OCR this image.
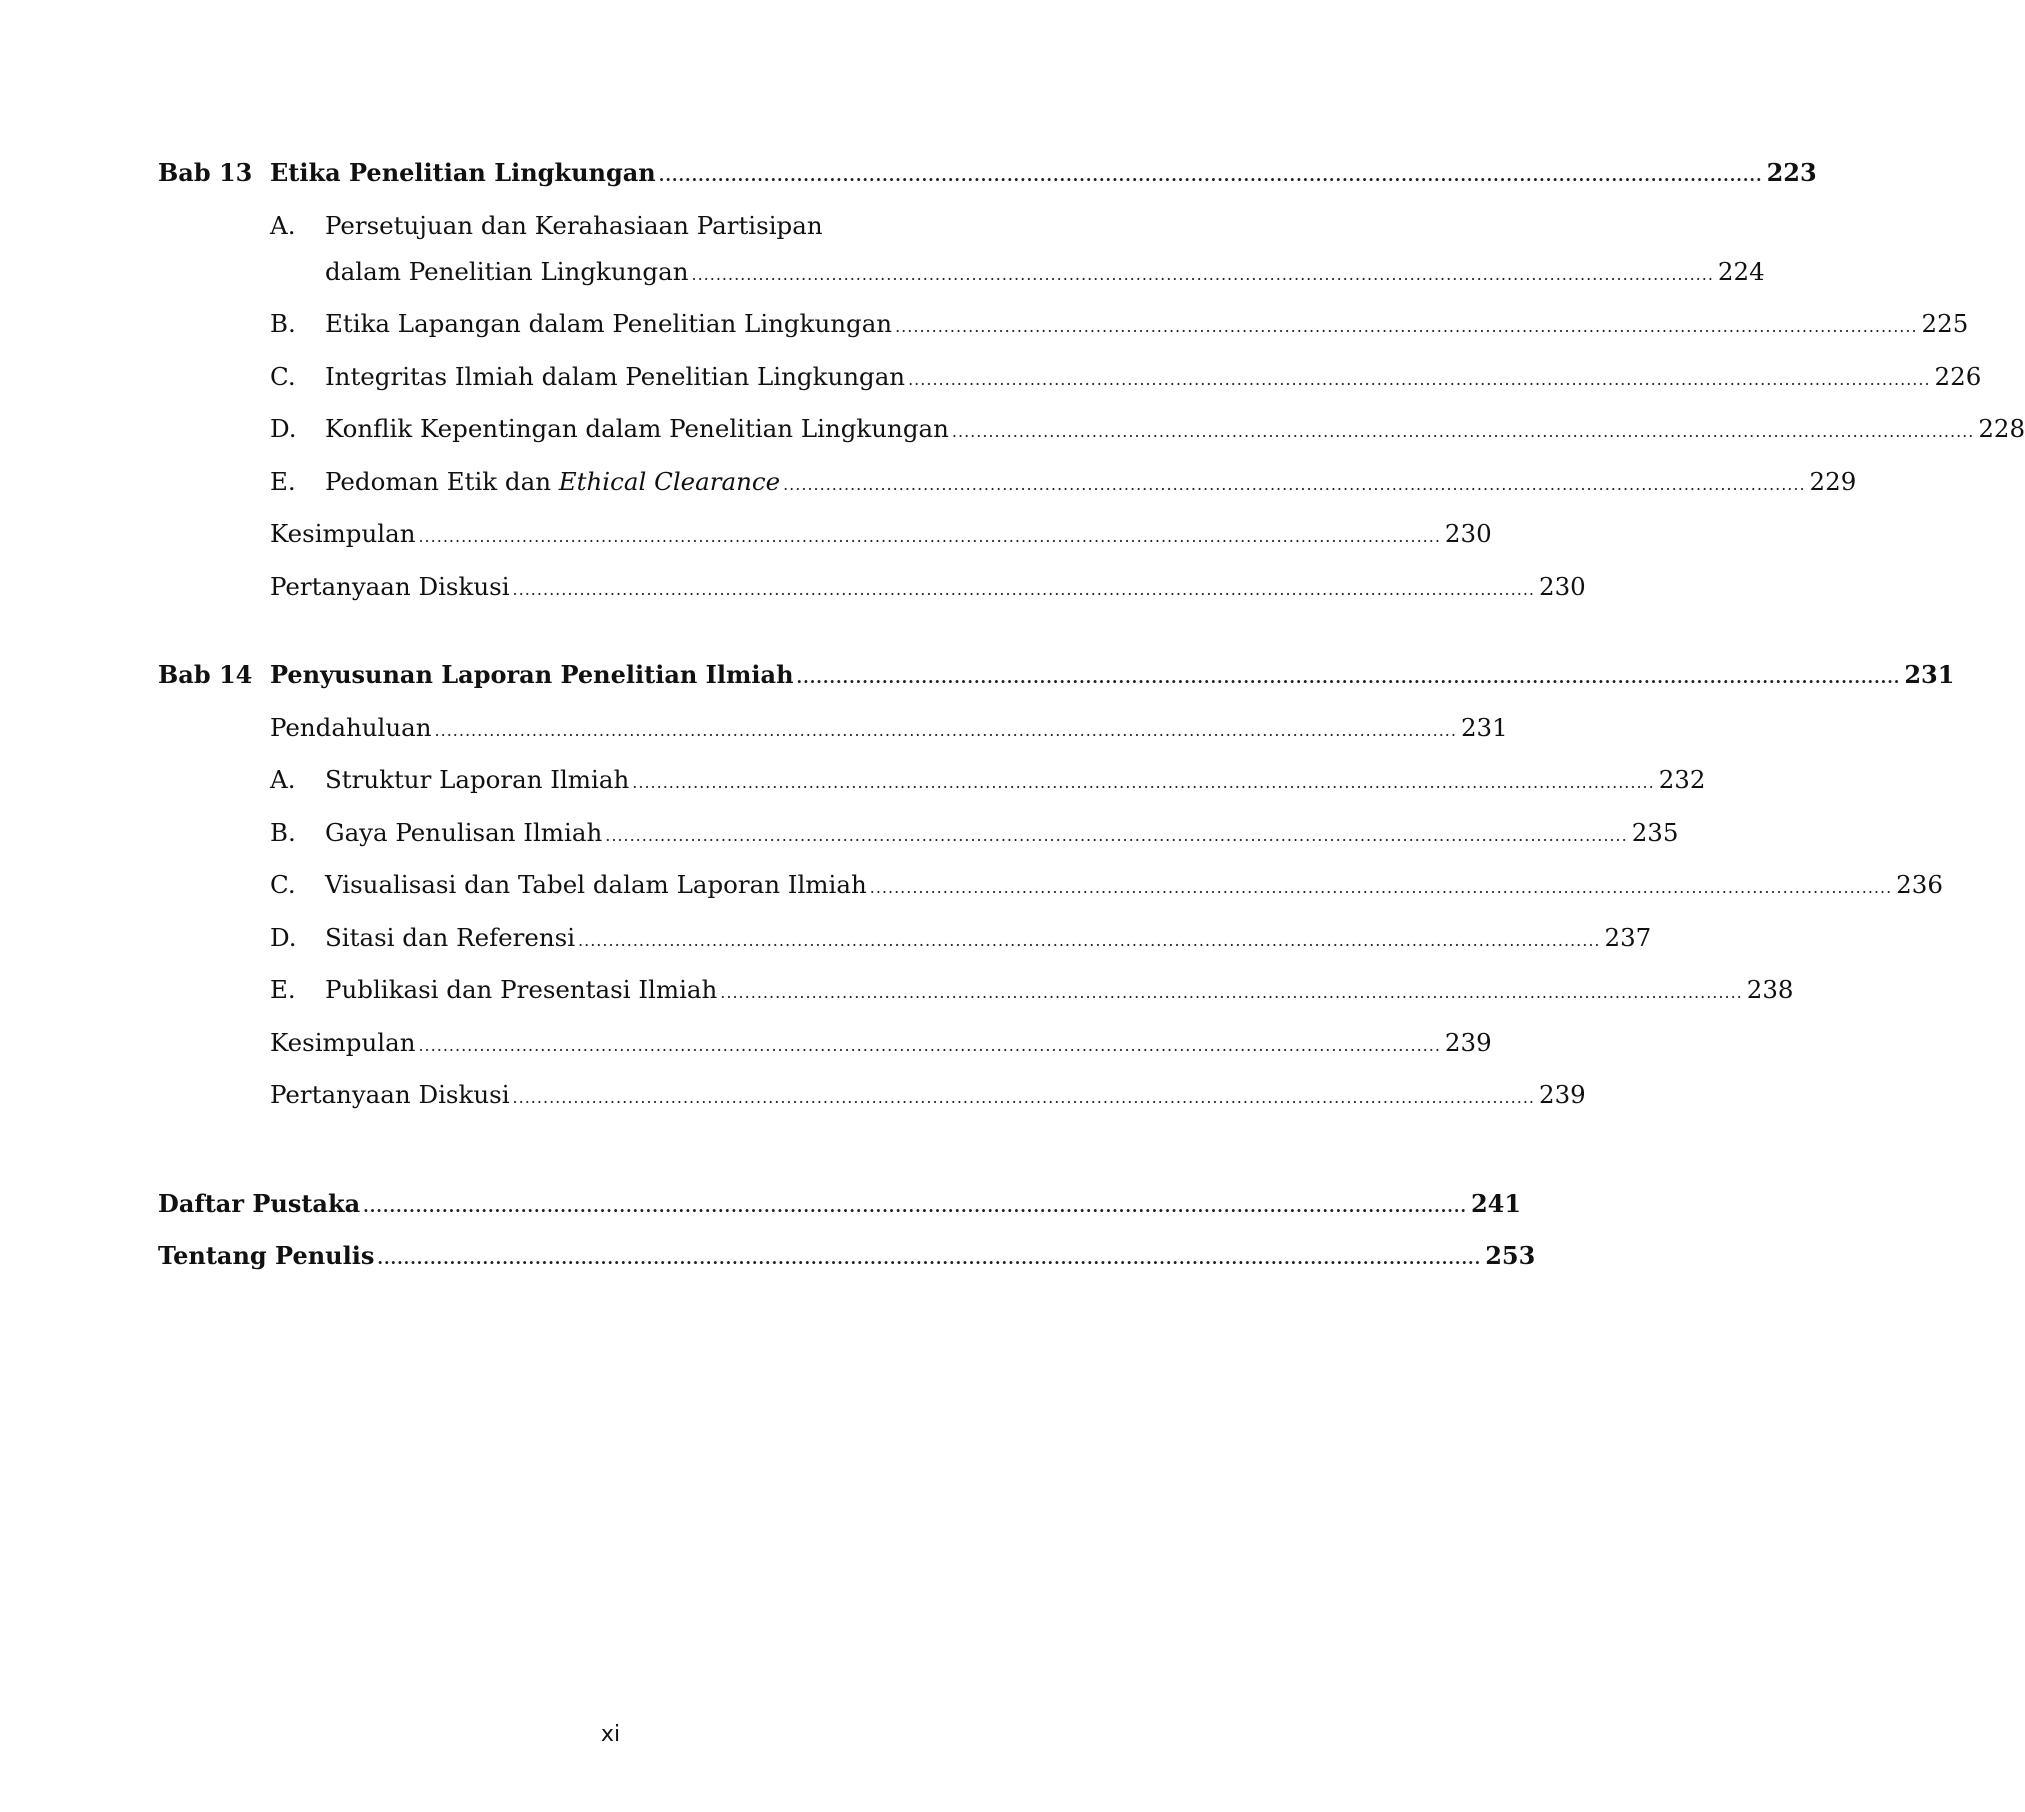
Bab 13 Etika Penelitian Lingkungan ........................................................................................................................................................................ 223
A.	Persetujuan dan Kerahasiaan Partisipan
dalam Penelitian Lingkungan ........................................................................................................................................................................ 224
B.	Etika Lapangan dalam Penelitian Lingkungan ........................................................................................................................................................................ 225
C.	Integritas Ilmiah dalam Penelitian Lingkungan ........................................................................................................................................................................ 226
D.	Konflik Kepentingan dalam Penelitian Lingkungan ........................................................................................................................................................................ 228
E.	Pedoman Etik dan Ethical Clearance ........................................................................................................................................................................ 229
Kesimpulan ........................................................................................................................................................................ 230
Pertanyaan Diskusi ........................................................................................................................................................................ 230
Bab 14 Penyusunan Laporan Penelitian Ilmiah ........................................................................................................................................................................ 231
Pendahuluan ........................................................................................................................................................................ 231
A.	Struktur Laporan Ilmiah ........................................................................................................................................................................ 232
B.	Gaya Penulisan Ilmiah ........................................................................................................................................................................ 235
C.	Visualisasi dan Tabel dalam Laporan Ilmiah ........................................................................................................................................................................ 236
D.	Sitasi dan Referensi ........................................................................................................................................................................ 237
E.	Publikasi dan Presentasi Ilmiah ........................................................................................................................................................................ 238
Kesimpulan ........................................................................................................................................................................ 239
Pertanyaan Diskusi ........................................................................................................................................................................ 239
Daftar Pustaka ........................................................................................................................................................................ 241
Tentang Penulis ........................................................................................................................................................................ 253
xi
